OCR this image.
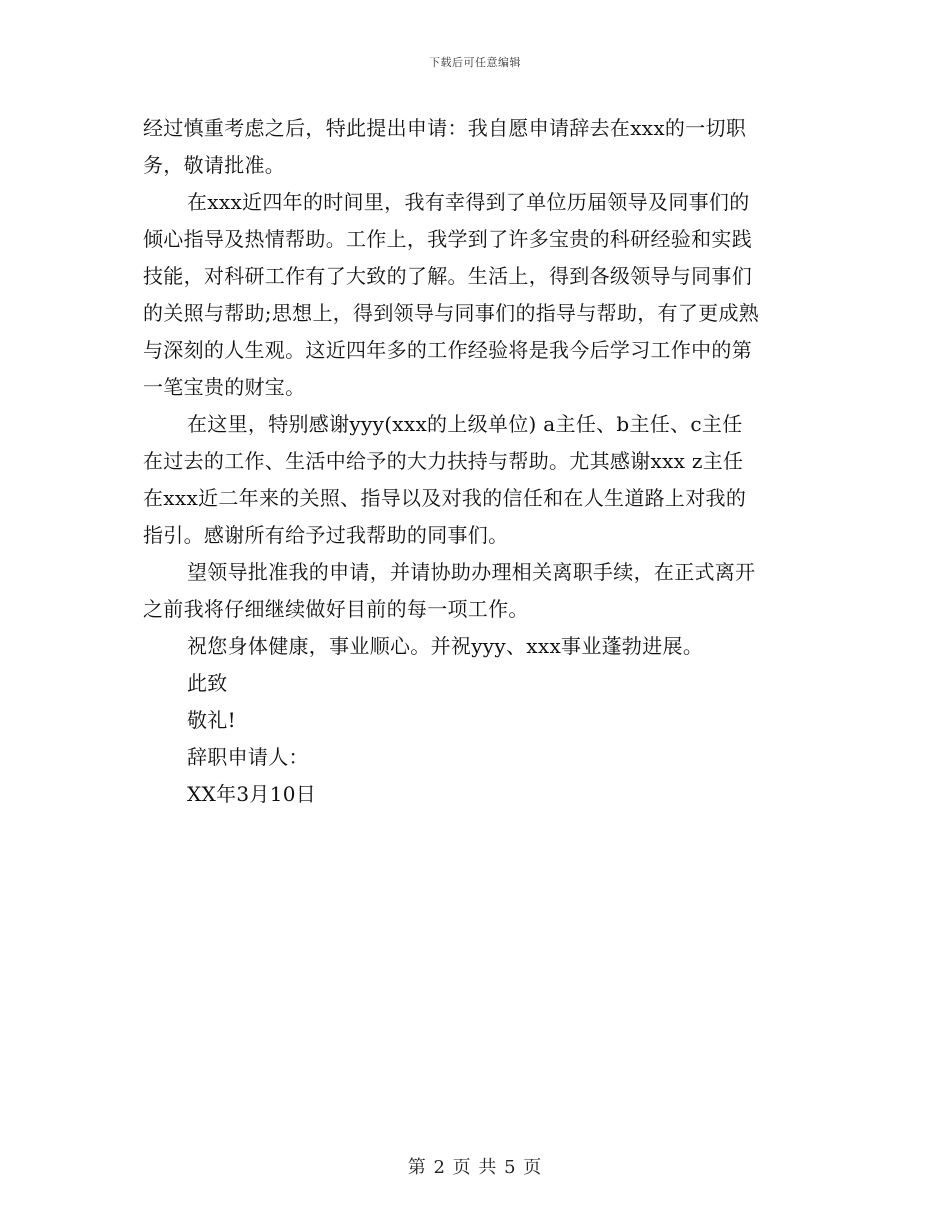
下载后可任意编辑
经过慎重考虑之后，特此提出申请：我自愿申请辞去在xxx的一切职
务，敬请批准。
在xxx近四年的时间里，我有幸得到了单位历届领导及同事们的
倾心指导及热情帮助。工作上，我学到了许多宝贵的科研经验和实践
技能，对科研工作有了大致的了解。生活上，得到各级领导与同事们
的关照与帮助;思想上，得到领导与同事们的指导与帮助，有了更成熟
与深刻的人生观。这近四年多的工作经验将是我今后学习工作中的第
一笔宝贵的财宝。
在这里，特别感谢yyy(xxx的上级单位) a主任、b主任、c主任
在过去的工作、生活中给予的大力扶持与帮助。尤其感谢xxx z主任
在xxx近二年来的关照、指导以及对我的信任和在人生道路上对我的
指引。感谢所有给予过我帮助的同事们。
望领导批准我的申请，并请协助办理相关离职手续，在正式离开
之前我将仔细继续做好目前的每一项工作。
祝您身体健康，事业顺心。并祝yyy、xxx事业蓬勃进展。
此致
敬礼!
辞职申请人：
XX年3月10日
第 2 页 共 5 页
